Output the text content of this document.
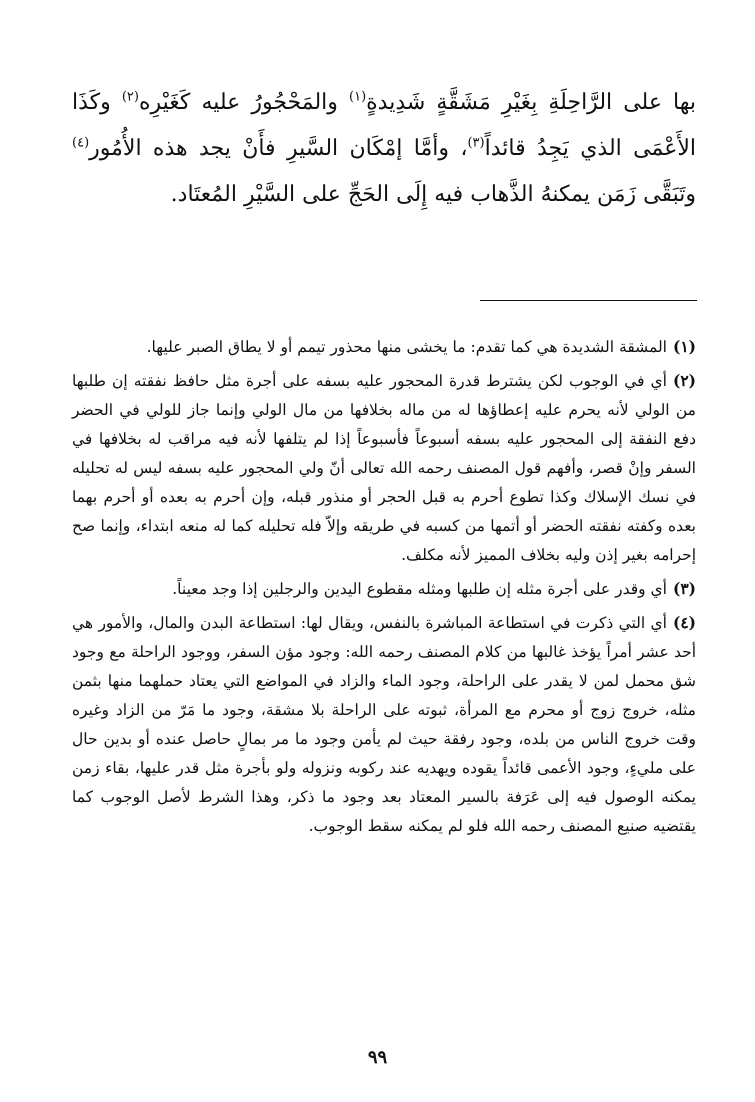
بها على الرَّاحِلَةِ بِغَيْرِ مَشَقَّةٍ شَدِيدةٍ$^{(١)}$ والمَحْجُورُ عليه كَغَيْرِه$^{(٢)}$ وكَذَا الأَعْمَى الذي يَجِدُ قائداً$^{(٣)}$، وأمَّا إمْكَان السَّيرِ فأَنْ يجد هذه الأُمُور$^{(٤)}$ وتَبَقَّى زَمَن يمكنهُ الذَّهاب فيه إِلَى الحَجِّ على السَّيْرِ المُعتَاد.

(١)المشقة الشديدة هي كما تقدم: ما يخشى منها محذور تيمم أو لا يطاق الصبر عليها.

(٢)أي في الوجوب لكن يشترط قدرة المحجور عليه بسفه على أجرة مثل حافظ نفقته إن طلبها من الولي لأنه يحرم عليه إعطاؤها له من ماله بخلافها من مال الولي وإنما جاز للولي في الحضر دفع النفقة إلى المحجور عليه بسفه أسبوعاً فأسبوعاً إذا لم يتلفها لأنه فيه مراقب له بخلافها في السفر وإنْ قصر، وأفهم قول المصنف رحمه الله تعالى أنّ ولي المحجور عليه بسفه ليس له تحليله في نسك الإسلاك وكذا تطوع أحرم به قبل الحجر أو منذور قبله، وإن أحرم به بعده أو أحرم بهما بعده وكفته نفقته الحضر أو أتمها من كسبه في طريقه وإلاّ فله تحليله كما له منعه ابتداء، وإنما صح إحرامه بغير إذن وليه بخلاف المميز لأنه مكلف.

(٣)أي وقدر على أجرة مثله إن طلبها ومثله مقطوع اليدين والرجلين إذا وجد معيناً.

(٤)أي التي ذكرت في استطاعة المباشرة بالنفس، ويقال لها: استطاعة البدن والمال، والأمور هي أحد عشر أمراً يؤخذ غالبها من كلام المصنف رحمه الله: وجود مؤن السفر، ووجود الراحلة مع وجود شق محمل لمن لا يقدر على الراحلة، وجود الماء والزاد في المواضع التي يعتاد حملهما منها بثمن مثله، خروج زوج أو محرم مع المرأة، ثبوته على الراحلة بلا مشقة، وجود ما مَرّ من الزاد وغيره وقت خروج الناس من بلده، وجود رفقة حيث لم يأمن وجود ما مر بمالٍ حاصل عنده أو بدين حال على مليءٍ، وجود الأعمى قائداً يقوده ويهديه عند ركوبه ونزوله ولو بأجرة مثل قدر عليها، بقاء زمن يمكنه الوصول فيه إلى عَرَفة بالسير المعتاد بعد وجود ما ذكر، وهذا الشرط لأصل الوجوب كما يقتضيه صنيع المصنف رحمه الله فلو لم يمكنه سقط الوجوب.

٩٩
